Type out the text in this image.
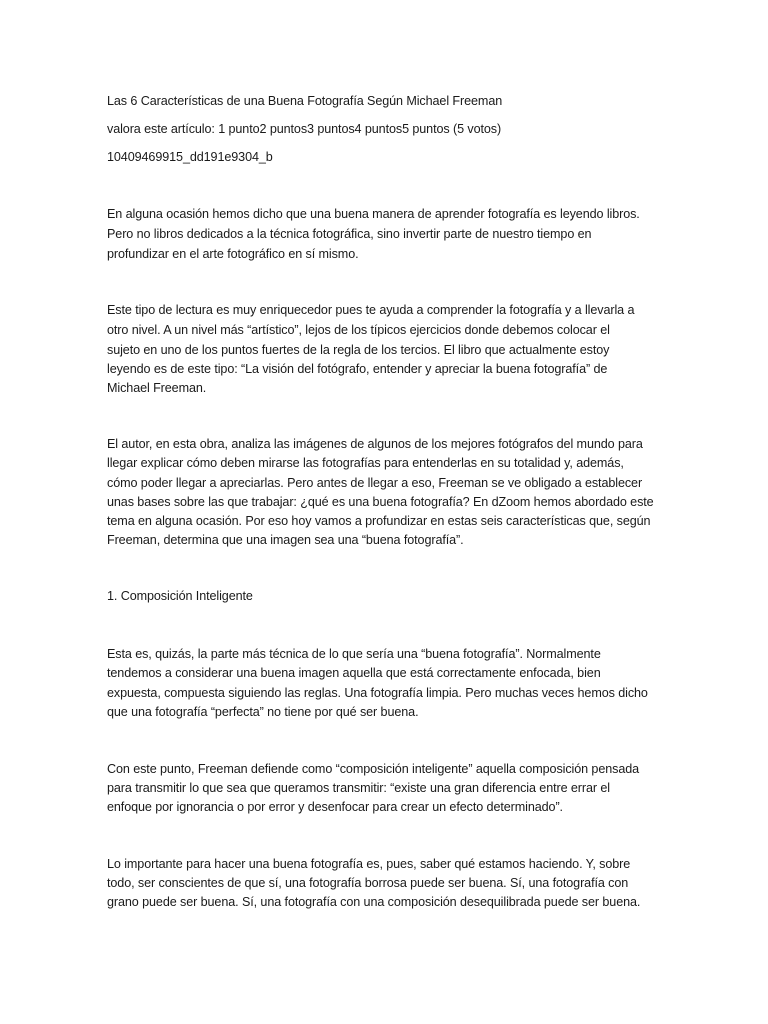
Las 6 Características de una Buena Fotografía Según Michael Freeman
valora este artículo: 1 punto2 puntos3 puntos4 puntos5 puntos (5 votos)
10409469915_dd191e9304_b
En alguna ocasión hemos dicho que una buena manera de aprender fotografía es leyendo libros.
Pero no libros dedicados a la técnica fotográfica, sino invertir parte de nuestro tiempo en
profundizar en el arte fotográfico en sí mismo.
Este tipo de lectura es muy enriquecedor pues te ayuda a comprender la fotografía y a llevarla a
otro nivel. A un nivel más “artístico”, lejos de los típicos ejercicios donde debemos colocar el
sujeto en uno de los puntos fuertes de la regla de los tercios. El libro que actualmente estoy
leyendo es de este tipo: “La visión del fotógrafo, entender y apreciar la buena fotografía” de
Michael Freeman.
El autor, en esta obra, analiza las imágenes de algunos de los mejores fotógrafos del mundo para
llegar explicar cómo deben mirarse las fotografías para entenderlas en su totalidad y, además,
cómo poder llegar a apreciarlas. Pero antes de llegar a eso, Freeman se ve obligado a establecer
unas bases sobre las que trabajar: ¿qué es una buena fotografía? En dZoom hemos abordado este
tema en alguna ocasión. Por eso hoy vamos a profundizar en estas seis características que, según
Freeman, determina que una imagen sea una “buena fotografía”.
1. Composición Inteligente
Esta es, quizás, la parte más técnica de lo que sería una “buena fotografía”. Normalmente
tendemos a considerar una buena imagen aquella que está correctamente enfocada, bien
expuesta, compuesta siguiendo las reglas. Una fotografía limpia. Pero muchas veces hemos dicho
que una fotografía “perfecta” no tiene por qué ser buena.
Con este punto, Freeman defiende como “composición inteligente” aquella composición pensada
para transmitir lo que sea que queramos transmitir: “existe una gran diferencia entre errar el
enfoque por ignorancia o por error y desenfocar para crear un efecto determinado”.
Lo importante para hacer una buena fotografía es, pues, saber qué estamos haciendo. Y, sobre
todo, ser conscientes de que sí, una fotografía borrosa puede ser buena. Sí, una fotografía con
grano puede ser buena. Sí, una fotografía con una composición desequilibrada puede ser buena.
